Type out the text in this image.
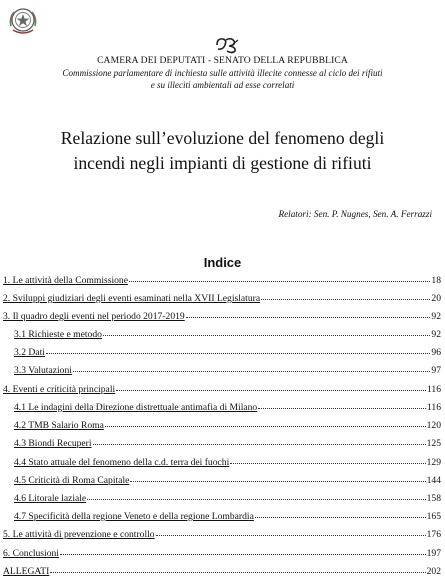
CAMERA DEI DEPUTATI - SENATO DELLA REPUBBLICA

Commissione parlamentare di inchiesta sulle attività illecite connesse al ciclo dei rifiuti

e su illeciti ambientali ad esse correlati

Relazione sull’evoluzione del fenomeno degli
incendi negli impianti di gestione di rifiuti
Relatori: Sen. P. Nugnes, Sen. A. Ferrazzi
Indice
1. Le attività della Commissione	18
2. Sviluppi giudiziari degli eventi esaminati nella XVII Legislatura	20
3. Il quadro degli eventi nel periodo 2017-2019	92
3.1 Richieste e metodo	92
3.2 Dati	96
3.3 Valutazioni	97
4. Eventi e criticità principali	116
4.1 Le indagini della Direzione distrettuale antimafia di Milano	116
4.2 TMB Salario Roma	120
4.3 Biondi Recuperi	125
4.4 Stato attuale del fenomeno della c.d. terra dei fuochi	129
4.5 Criticità di Roma Capitale	144
4.6 Litorale laziale	158
4.7 Specificità della regione Veneto e della regione Lombardia	165
5. Le attività di prevenzione e controllo	176
6. Conclusioni	197
ALLEGATI	202
